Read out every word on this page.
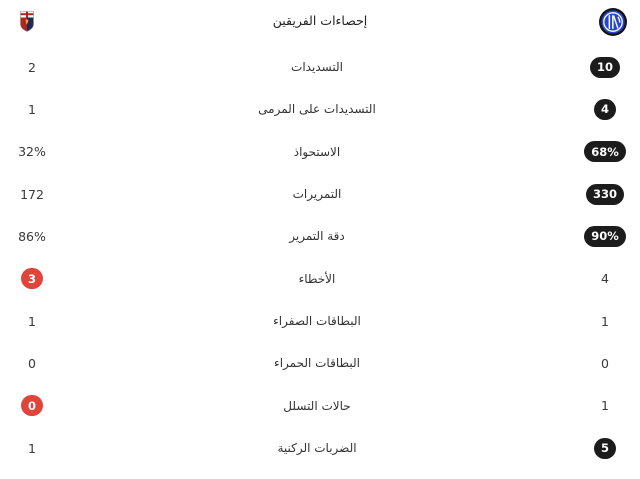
إحصاءات الفريقين
2	التسديدات	10
1	التسديدات على المرمى	4
32%	الاستحواذ	68%
172	التمريرات	330
86%	دقة التمرير	90%
3	الأخطاء	4
1	البطاقات الصفراء	1
0	البطاقات الحمراء	0
0	حالات التسلل	1
1	الضربات الركنية	5
